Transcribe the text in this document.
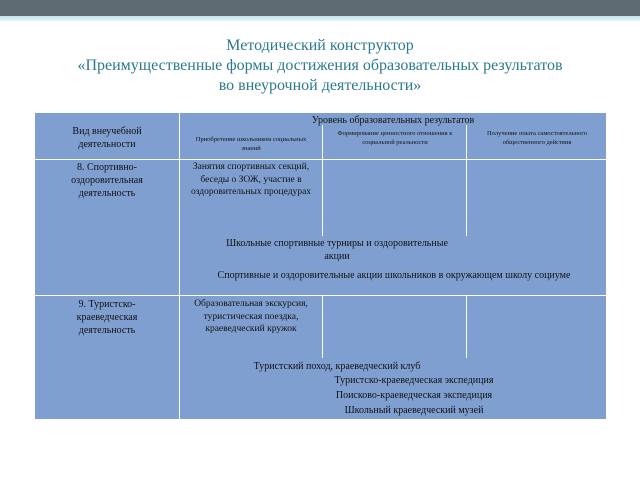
Методический конструктор
«Преимущественные формы достижения образовательных результатов
во внеурочной деятельности»
Вид внеучебной деятельности
Уровень образовательных результатов
Приобретение школьником социальных знаний
Формирование ценностного отношения к социальной реальности
Получение опыта самостоятельного общественного действия
8. Спортивно-оздоровительная деятельность
Занятия спортивных секций, беседы о ЗОЖ, участие в оздоровительных процедурах
Школьные спортивные турниры и оздоровительные акции
Спортивные и оздоровительные акции школьников в окружающем школу социуме
9. Туристско-краеведческая деятельность
Образовательная экскурсия, туристическая поездка, краеведческий кружок
Туристский поход, краеведческий клуб
Туристско-краеведческая экспедиция
Поисково-краеведческая экспедиция
Школьный краеведческий музей
